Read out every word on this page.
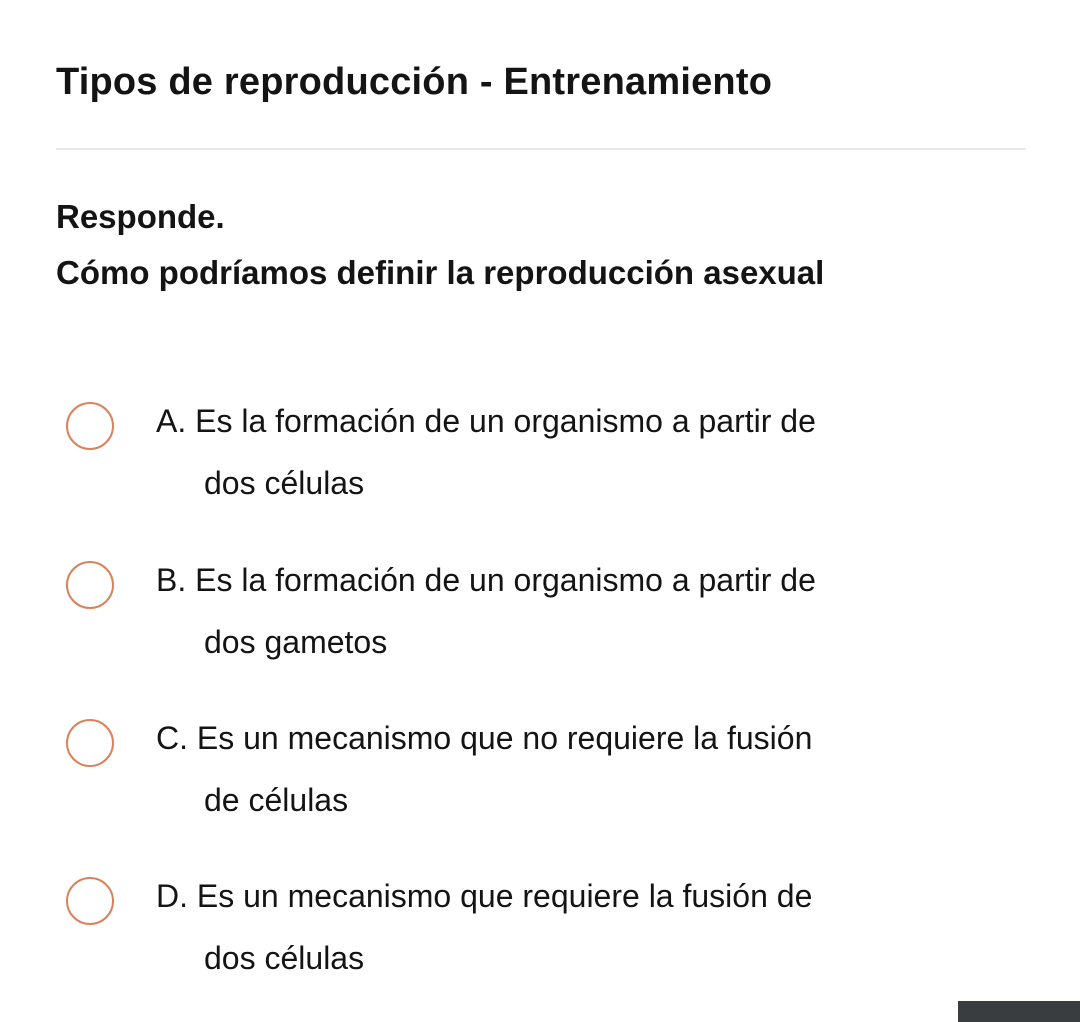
Tipos de reproducción - Entrenamiento
Responde.
Cómo podríamos definir la reproducción asexual
A. Es la formación de un organismo a partir de
dos células
B. Es la formación de un organismo a partir de
dos gametos
C. Es un mecanismo que no requiere la fusión
de células
D. Es un mecanismo que requiere la fusión de
dos células
